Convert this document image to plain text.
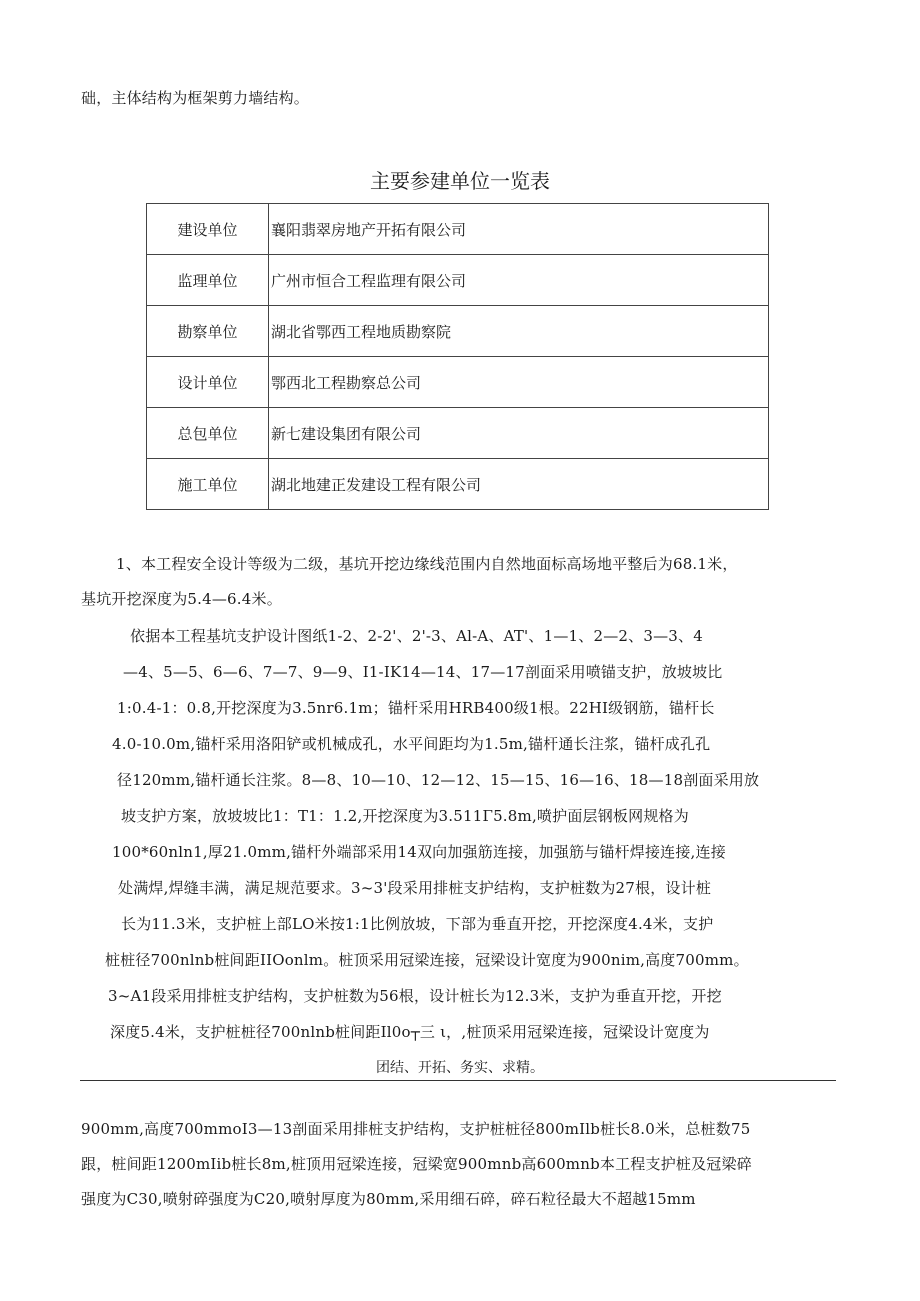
础，主体结构为框架剪力墙结构。
主要参建单位一览表
建设单位	襄阳翡翠房地产开拓有限公司
监理单位	广州市恒合工程监理有限公司
勘察单位	湖北省鄂西工程地质勘察院
设计单位	鄂西北工程勘察总公司
总包单位	新七建设集团有限公司
施工单位	湖北地建正发建设工程有限公司
1、本工程安全设计等级为二级，基坑开挖边缘线范围内自然地面标高场地平整后为68.1米，
基坑开挖深度为5.4—6.4米。
依据本工程基坑支护设计图纸1-2、2-2'、2'-3、Al-A、AT'、1—1、2—2、3—3、4
—4、5—5、6—6、7—7、9—9、I1-IK14—14、17—17剖面采用喷锚支护，放坡坡比
1:0.4-1：0.8,开挖深度为3.5nr6.1m；锚杆采用HRB400级1根。22HI级钢筋，锚杆长
4.0-10.0m,锚杆采用洛阳铲或机械成孔，水平间距均为1.5m,锚杆通长注浆，锚杆成孔孔
径120mm,锚杆通长注浆。8—8、10—10、12—12、15—15、16—16、18—18剖面采用放
坡支护方案，放坡坡比1：T1：1.2,开挖深度为3.511Γ5.8m,喷护面层钢板网规格为
100*60nln1,厚21.0mm,锚杆外端部采用14双向加强筋连接，加强筋与锚杆焊接连接,连接
处满焊,焊缝丰满，满足规范要求。3~3'段采用排桩支护结构，支护桩数为27根，设计桩
长为11.3米，支护桩上部LO米按1:1比例放坡，下部为垂直开挖，开挖深度4.4米，支护
桩桩径700nlnb桩间距IIOonlm。桩顶采用冠梁连接，冠梁设计宽度为900nim,高度700mm。
3~A1段采用排桩支护结构，支护桩数为56根，设计桩长为12.3米，支护为垂直开挖，开挖
深度5.4米，支护桩桩径700nlnb桩间距Il0o┬三 ι，,桩顶采用冠梁连接，冠梁设计宽度为
团结、开拓、务实、求精。
900mm,高度700mmoI3—13剖面采用排桩支护结构，支护桩桩径800mIlb桩长8.0米，总桩数75
跟，桩间距1200mIib桩长8m,桩顶用冠梁连接，冠梁宽900mnb高600mnb本工程支护桩及冠梁碎
强度为C30,喷射碎强度为C20,喷射厚度为80mm,采用细石碎，碎石粒径最大不超越15mm
